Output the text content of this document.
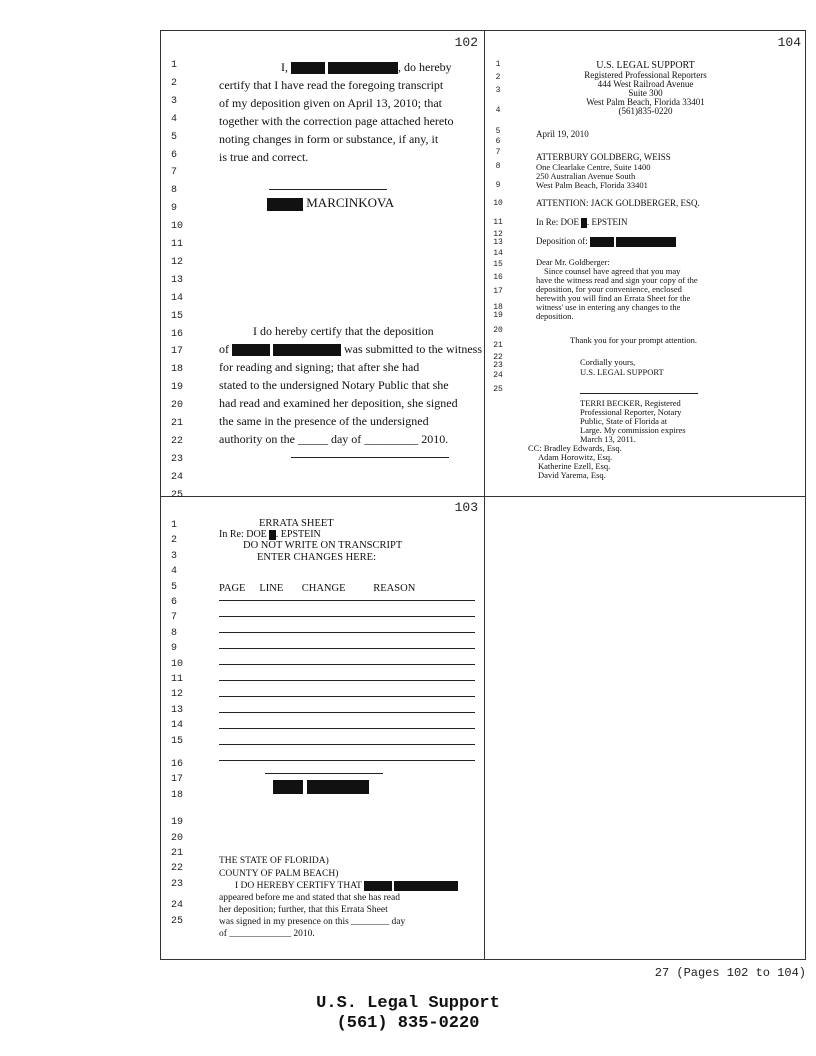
102
1
2
3
4
5
6
7
8
9
10
11
12
13
14
15
16
17
18
19
20
21
22
23
24
25
I,	, do hereby
certify that I have read the foregoing transcript
of my deposition given on April 13, 2010; that
together with the correction page attached hereto
noting changes in form or substance, if any, it
is true and correct.
MARCINKOVA
I do hereby certify that the deposition
of	was submitted to the witness
for reading and signing; that after she had
stated to the undersigned Notary Public that she
had read and examined her deposition, she signed
the same in the presence of the undersigned
authority on the _____ day of _________ 2010.
104
1
2
3
4
5
6
7
8
9
10
11
12
13
14
15
16
17
18
19
20
21
22
23
24
25
U.S. LEGAL SUPPORT
Registered Professional Reporters
444 West Railroad Avenue
Suite 300
West Palm Beach, Florida 33401
(561)835-0220
April 19, 2010
ATTERBURY GOLDBERG, WEISS
One Clearlake Centre, Suite 1400
250 Australian Avenue South
West Palm Beach, Florida 33401
ATTENTION: JACK GOLDBERGER, ESQ.
In Re: DOE . EPSTEIN
Deposition of:
Dear Mr. Goldberger:
Since counsel have agreed that you may
have the witness read and sign your copy of the
deposition, for your convenience, enclosed
herewith you will find an Errata Sheet for the
witness' use in entering any changes to the
deposition.
Thank you for your prompt attention.
Cordially yours,
U.S. LEGAL SUPPORT
TERRI BECKER, Registered
Professional Reporter, Notary
Public, State of Florida at
Large. My commission expires
March 13, 2011.
CC: Bradley Edwards, Esq.
Adam Horowitz, Esq.
Katherine Ezell, Esq.
David Yarema, Esq.
103
1
2
3
4
5
6
7
8
9
10
11
12
13
14
15
16
17
18
19
20
21
22
23
24
25
ERRATA SHEET
In Re: DOE . EPSTEIN
DO NOT WRITE ON TRANSCRIPT
ENTER CHANGES HERE:
PAGE LINE CHANGE	REASON

THE STATE OF FLORIDA)
COUNTY OF PALM BEACH)
I DO HEREBY CERTIFY THAT
appeared before me and stated that she has read
her deposition; further, that this Errata Sheet
was signed in my presence on this ________ day
of _____________ 2010.
27 (Pages 102 to 104)
U.S. Legal Support
(561) 835-0220
